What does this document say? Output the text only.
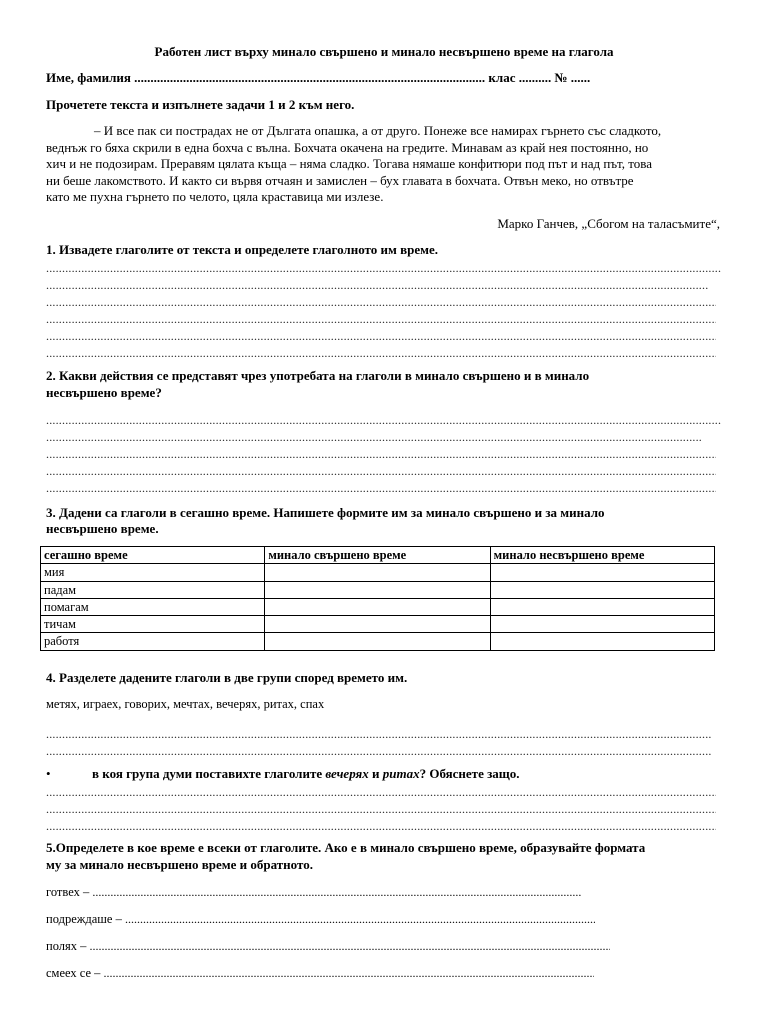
Работен лист върху минало свършено и минало несвършено време на глагола
Име, фамилия ............................................................................................................ клас .......... № ......
Прочетете текста и изпълнете задачи 1 и 2 към него.
– И все пак си пострадах не от Дългата опашка, а от друго. Понеже все намирах гърнето със сладкото,
веднъж го бяха скрили в една бохча с вълна. Бохчата окачена на гредите. Минавам аз край нея постоянно, но
хич и не подозирам. Преравям цялата къща – няма сладко. Тогава нямаше конфитюри под път и над път, това
ни беше лакомството. И както си вървя отчаян и замислен – бух главата в бохчата. Отвън меко, но отвътре
като ме пухна гърнето по челото, цяла краставица ми излезе.
Марко Ганчев, „Сбогом на таласъмите“,
1. Извадете глаголите от текста и определете глаголното им време.
.....
.....
.....
.....
.....
.....
2. Какви действия се представят чрез употребата на глаголи в минало свършено и в минало
несвършено време?
.....
.....
.....
.....
.....
3. Дадени са глаголи в сегашно време. Напишете формите им за минало свършено и за минало
несвършено време.
сегашно време	минало свършено време	минало несвършено време
мия		
падам		
помагам		
тичам		
работя		
4. Разделете дадените глаголи в две групи според времето им.
метях, играех, говорих, мечтах, вечерях, ритах, спах
.....
.....
•	в коя група думи поставихте глаголите вечерях и ритах? Обяснете защо.
.....
.....
.....
5.Определете в кое време е всеки от глаголите. Ако е в минало свършено време, образувайте формата
му за минало несвършено време и обратното.
готвех – .....
подреждаше – .....
полях – .....
смеех се – .....
